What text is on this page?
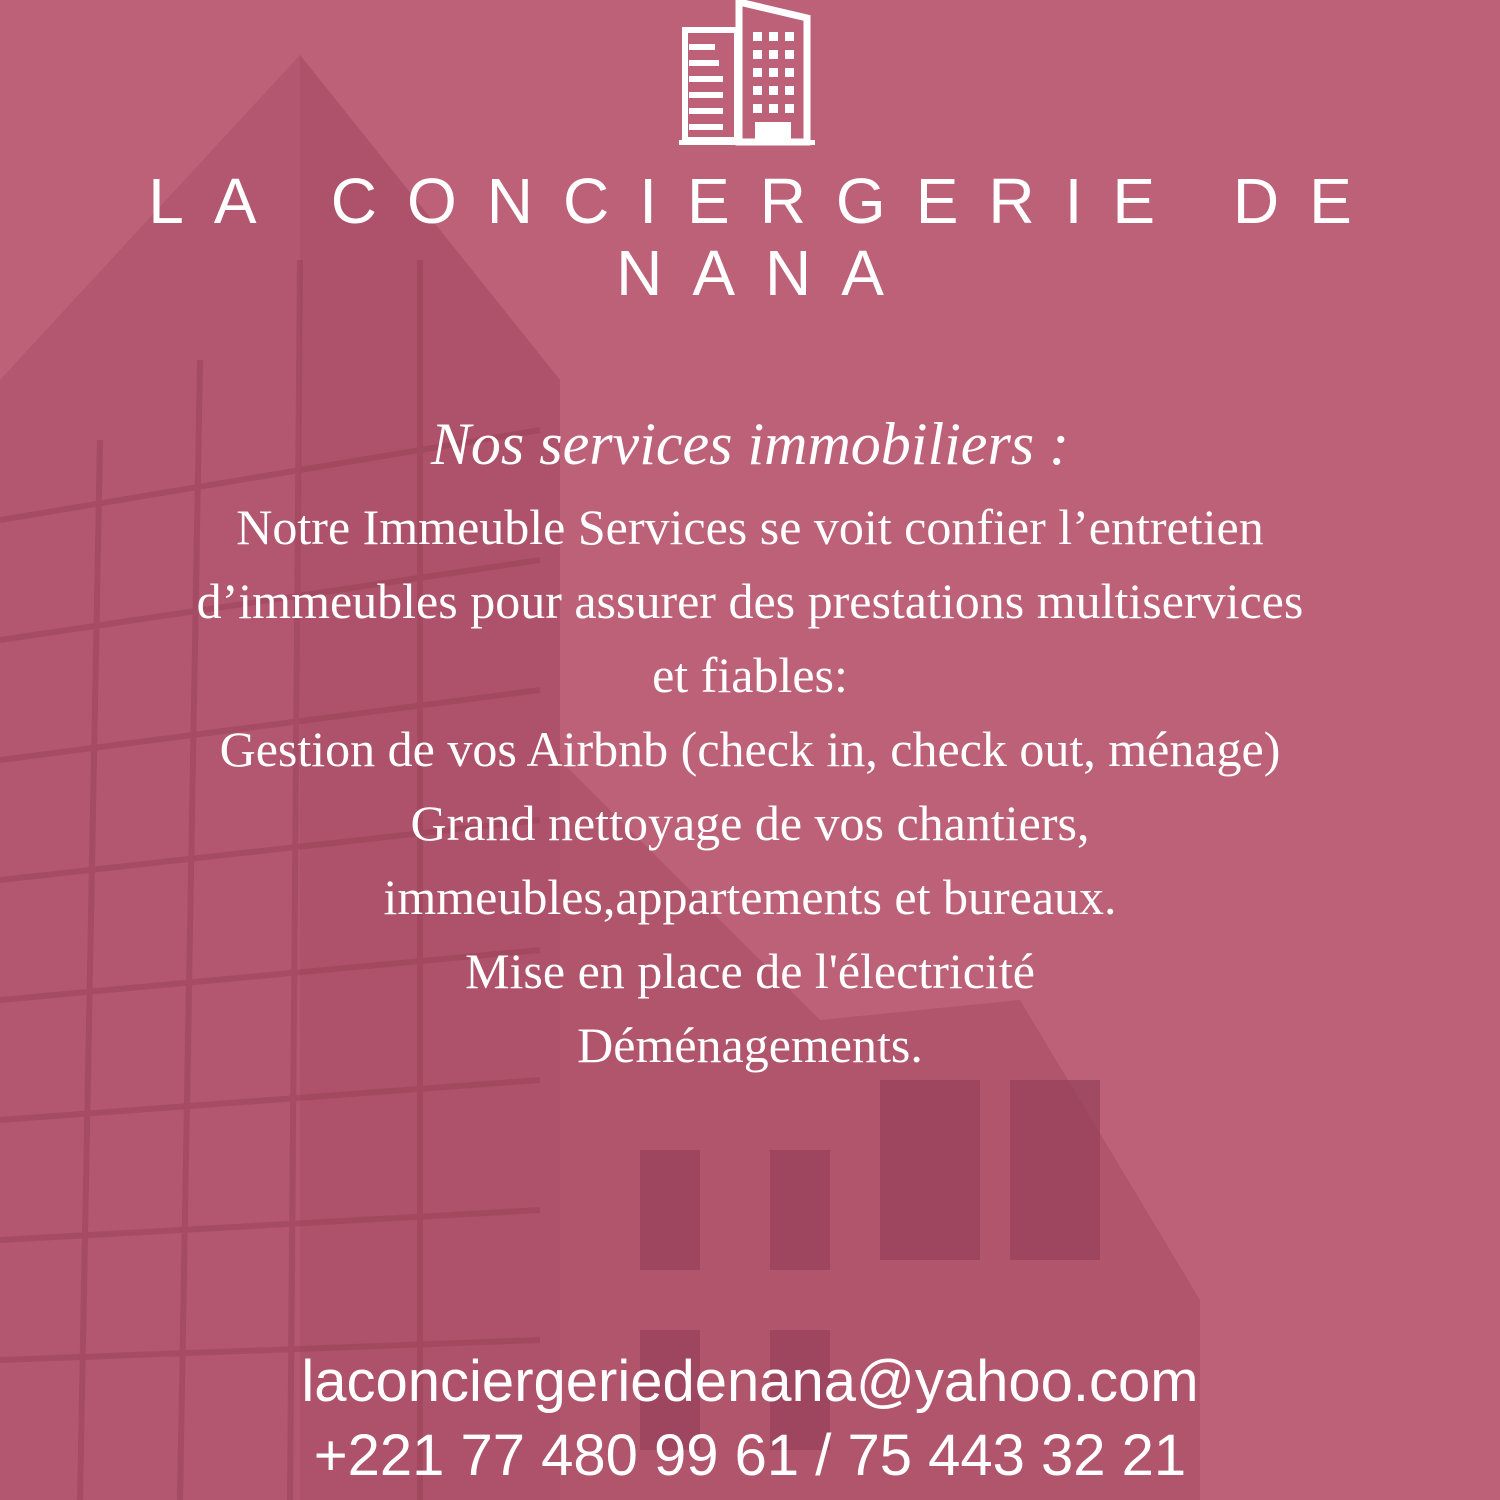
LA CONCIERGERIE DE NANA
Nos services immobiliers :
Notre Immeuble Services se voit confier l’entretien
d’immeubles pour assurer des prestations multiservices
et fiables:
Gestion de vos Airbnb (check in, check out, ménage)
Grand nettoyage de vos chantiers,
immeubles,appartements et bureaux.
Mise en place de l'électricité
Déménagements.
laconciergeriedenana@yahoo.com
+221 77 480 99 61 / 75 443 32 21
